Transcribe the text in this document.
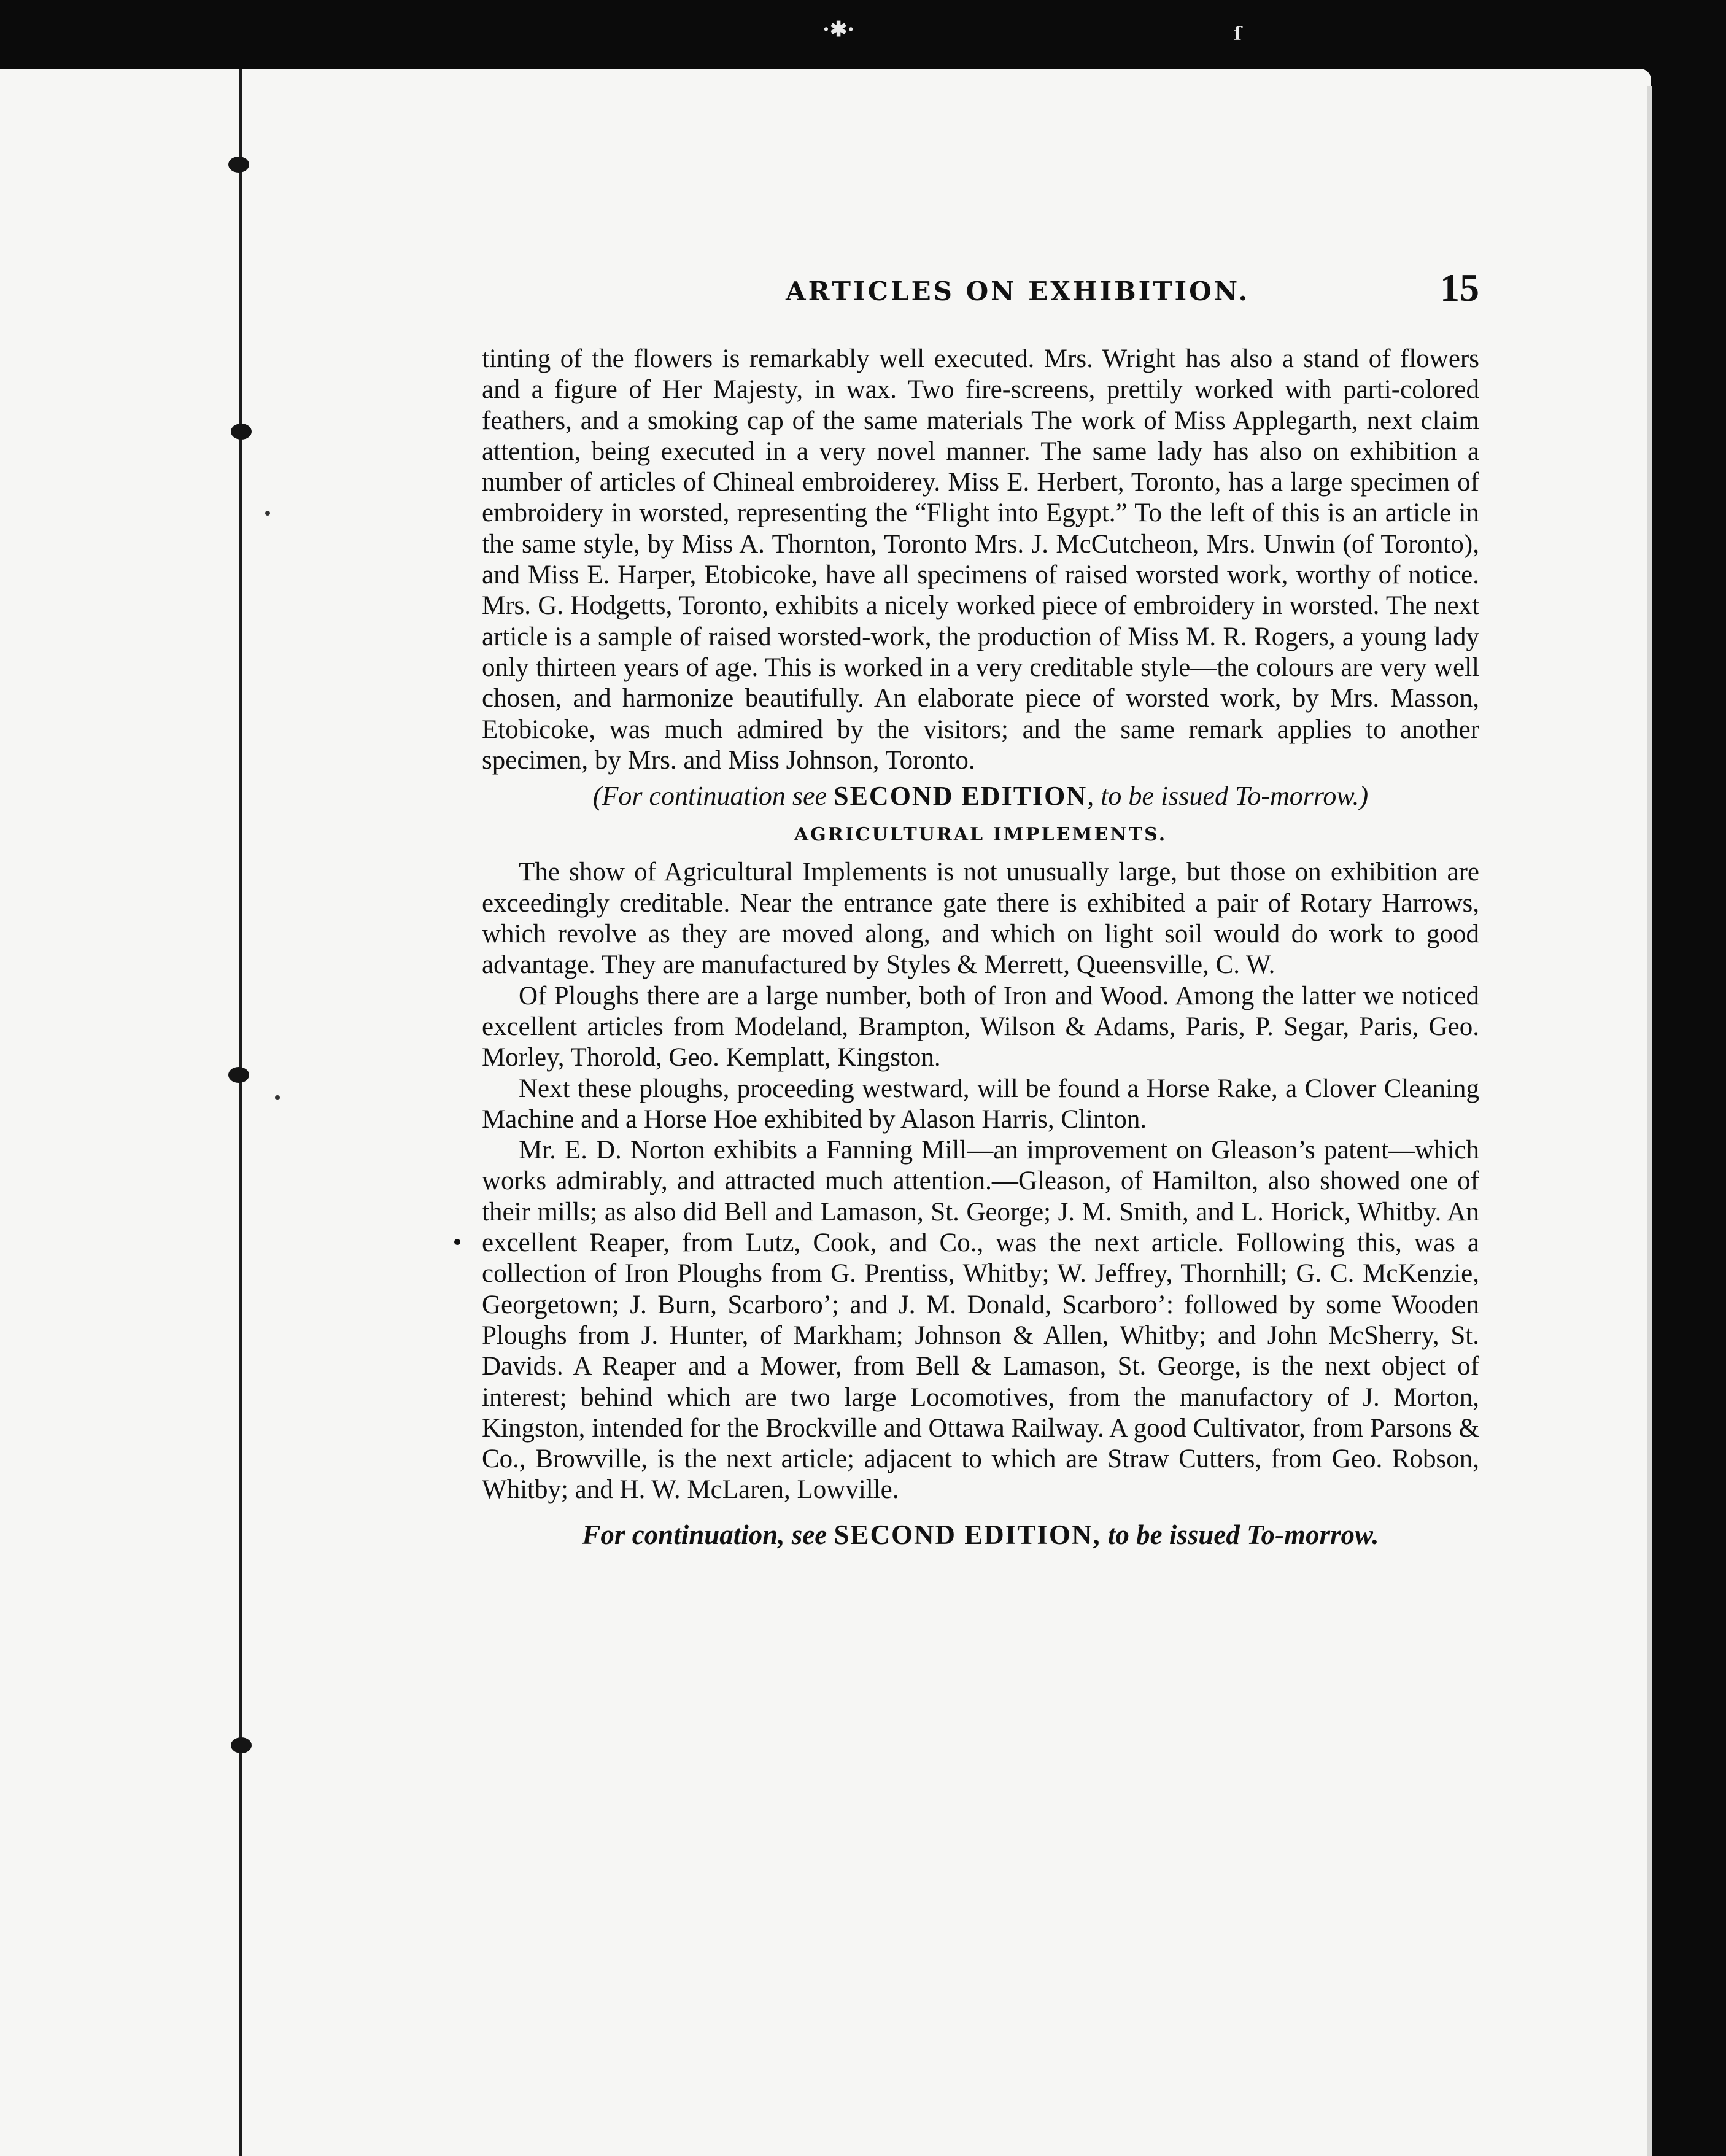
·✱·	ſ
ARTICLES ON EXHIBITION.	15

tinting of the flowers is remarkably well executed. Mrs. Wright has also a stand of flowers and a figure of Her Majesty, in wax. Two fire-screens, prettily worked with parti-colored feathers, and a smoking cap of the same materials The work of Miss Applegarth, next claim attention, being executed in a very novel manner. The same lady has also on exhibition a number of articles of Chineal embroiderey. Miss E. Herbert, Toronto, has a large specimen of embroidery in worsted, representing the “Flight into Egypt.” To the left of this is an article in the same style, by Miss A. Thornton, Toronto Mrs. J. McCutcheon, Mrs. Unwin (of Toronto), and Miss E. Harper, Etobicoke, have all specimens of raised worsted work, worthy of notice. Mrs. G. Hodgetts, Toronto, exhibits a nicely worked piece of embroidery in worsted. The next article is a sample of raised worsted-work, the production of Miss M. R. Rogers, a young lady only thirteen years of age. This is worked in a very creditable style—the colours are very well chosen, and harmonize beautifully. An elaborate piece of worsted work, by Mrs. Masson, Etobicoke, was much admired by the visitors; and the same remark applies to another specimen, by Mrs. and Miss Johnson, Toronto.

(For continuation see SECOND EDITION, to be issued To-morrow.)

AGRICULTURAL IMPLEMENTS.

The show of Agricultural Implements is not unusually large, but those on exhibition are exceedingly creditable. Near the entrance gate there is exhibited a pair of Rotary Harrows, which revolve as they are moved along, and which on light soil would do work to good advantage. They are manufactured by Styles & Merrett, Queensville, C. W.

Of Ploughs there are a large number, both of Iron and Wood. Among the latter we noticed excellent articles from Modeland, Brampton, Wilson & Adams, Paris, P. Segar, Paris, Geo. Morley, Thorold, Geo. Kemplatt, Kingston.

Next these ploughs, proceeding westward, will be found a Horse Rake, a Clover Cleaning Machine and a Horse Hoe exhibited by Alason Harris, Clinton.

Mr. E. D. Norton exhibits a Fanning Mill—an improvement on Gleason’s patent—which works admirably, and attracted much attention.—Gleason, of Hamilton, also showed one of their mills; as also did Bell and Lamason, St. George; J. M. Smith, and L. Horick, Whitby. An excellent Reaper, from Lutz, Cook, and Co., was the next article. Following this, was a collection of Iron Ploughs from G. Prentiss, Whitby; W. Jeffrey, Thornhill; G. C. McKenzie, Georgetown; J. Burn, Scarboro’; and J. M. Donald, Scarboro’: followed by some Wooden Ploughs from J. Hunter, of Markham; Johnson & Allen, Whitby; and John McSherry, St. Davids. A Reaper and a Mower, from Bell & Lamason, St. George, is the next object of interest; behind which are two large Locomotives, from the manufactory of J. Morton, Kingston, intended for the Brockville and Ottawa Railway. A good Cultivator, from Parsons & Co., Browville, is the next article; adjacent to which are Straw Cutters, from Geo. Robson, Whitby; and H. W. McLaren, Lowville.

For continuation, see SECOND EDITION, to be issued To-morrow.
